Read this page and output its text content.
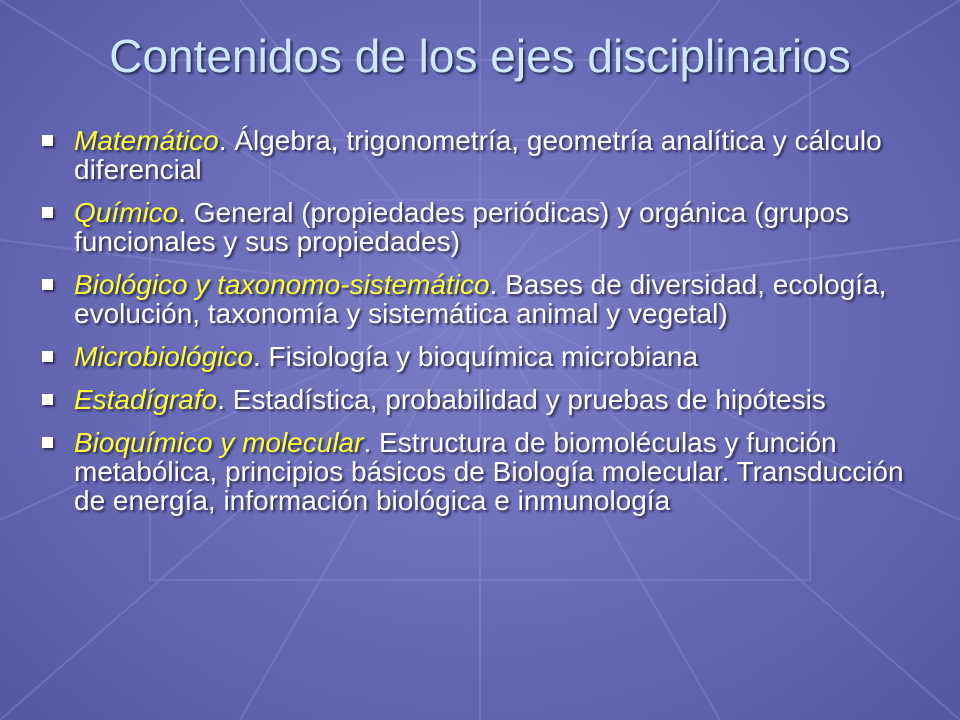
Contenidos de los ejes disciplinarios
Matemático. Álgebra, trigonometría, geometría analítica y cálculo diferencial
Químico. General (propiedades periódicas) y orgánica (grupos funcionales y sus propiedades)
Biológico y taxonomo-sistemático. Bases de diversidad, ecología, evolución, taxonomía y sistemática animal y vegetal)
Microbiológico. Fisiología y bioquímica microbiana
Estadígrafo. Estadística, probabilidad y pruebas de hipótesis
Bioquímico y molecular. Estructura de biomoléculas y función metabólica, principios básicos de Biología molecular. Transducción de energía, información biológica e inmunología
